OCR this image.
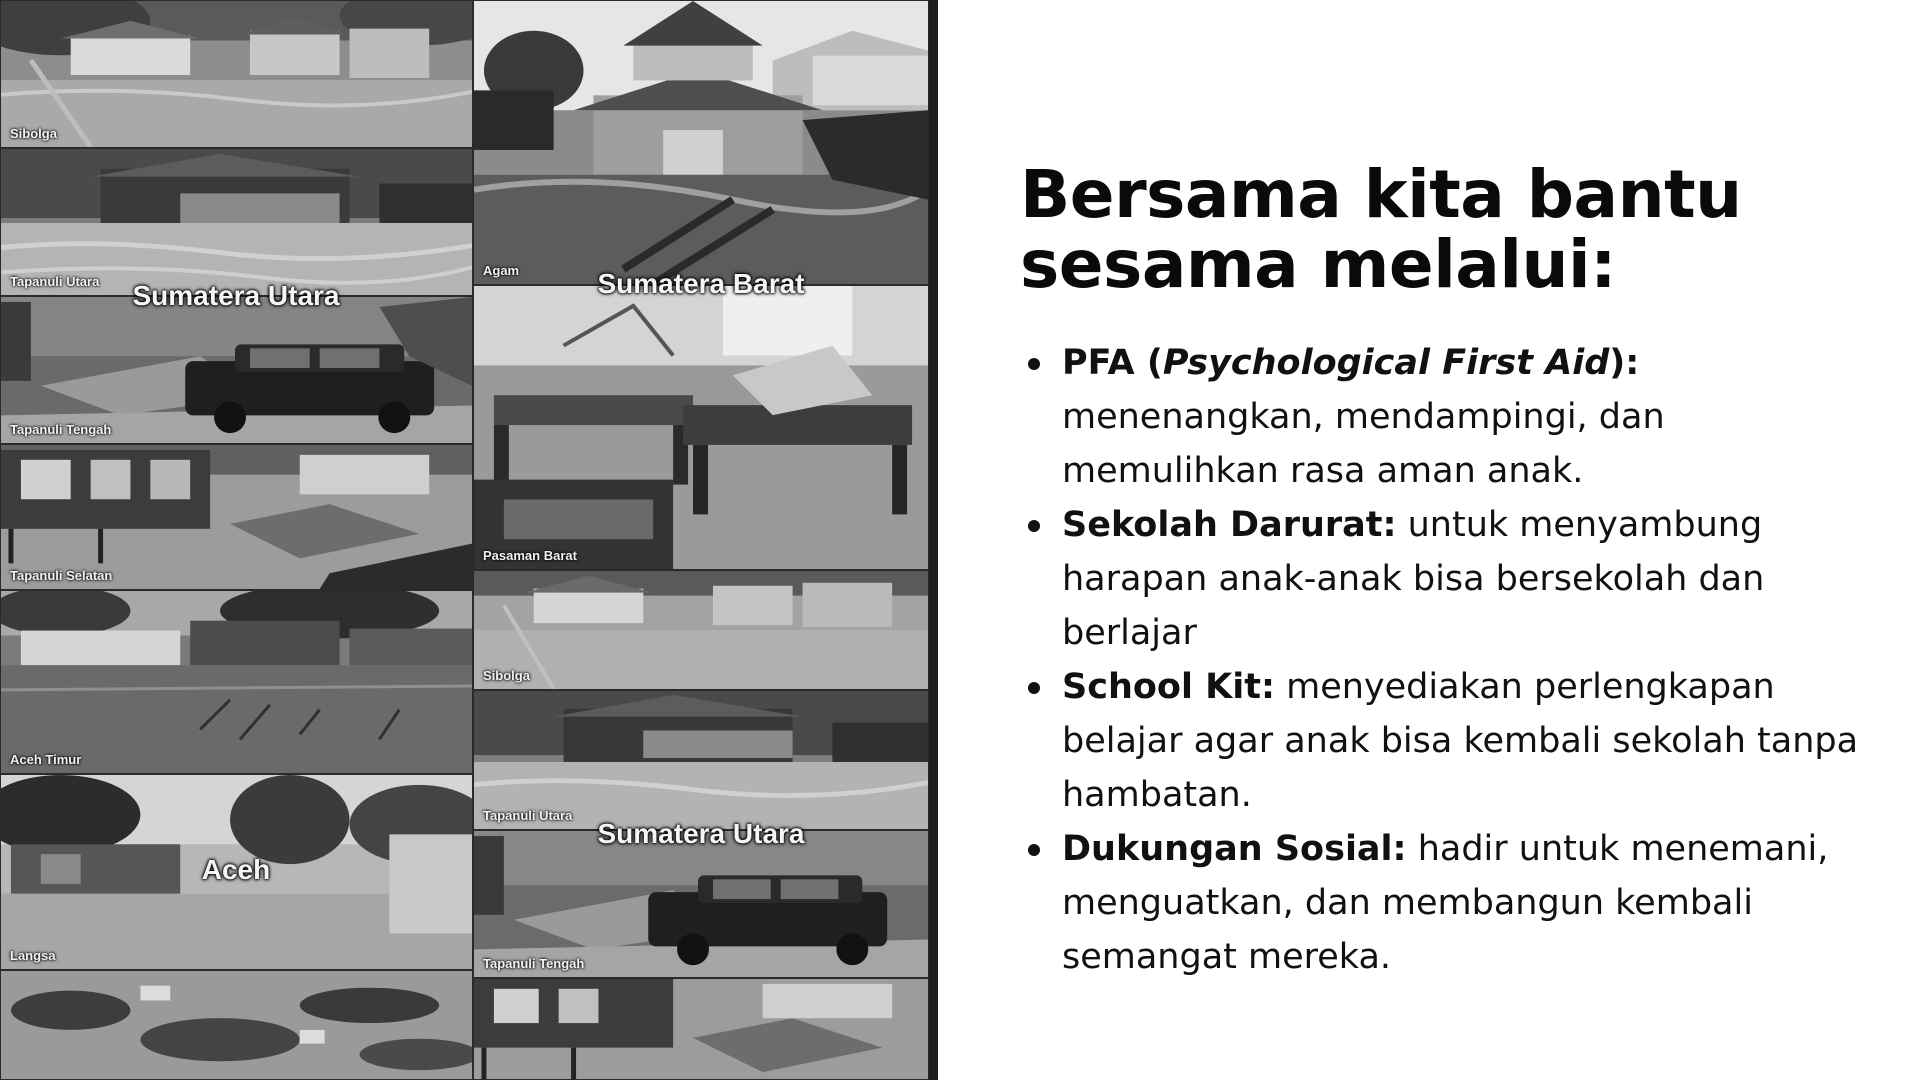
Sibolga
Tapanuli Utara
Tapanuli Tengah
Tapanuli Selatan
Aceh Timur
Langsa
Agam
Pasaman Barat
Sibolga
Tapanuli Utara
Tapanuli Tengah
Sumatera Utara
Aceh
Sumatera Barat
Sumatera Utara
Bersama kita bantu
sesama melalui:
PFA (Psychological First Aid): menenangkan, mendampingi, dan memulihkan rasa aman anak.
Sekolah Darurat: untuk menyambung harapan anak-anak bisa bersekolah dan berlajar
School Kit: menyediakan perlengkapan belajar agar anak bisa kembali sekolah tanpa hambatan.
Dukungan Sosial: hadir untuk menemani, menguatkan, dan membangun kembali semangat mereka.
